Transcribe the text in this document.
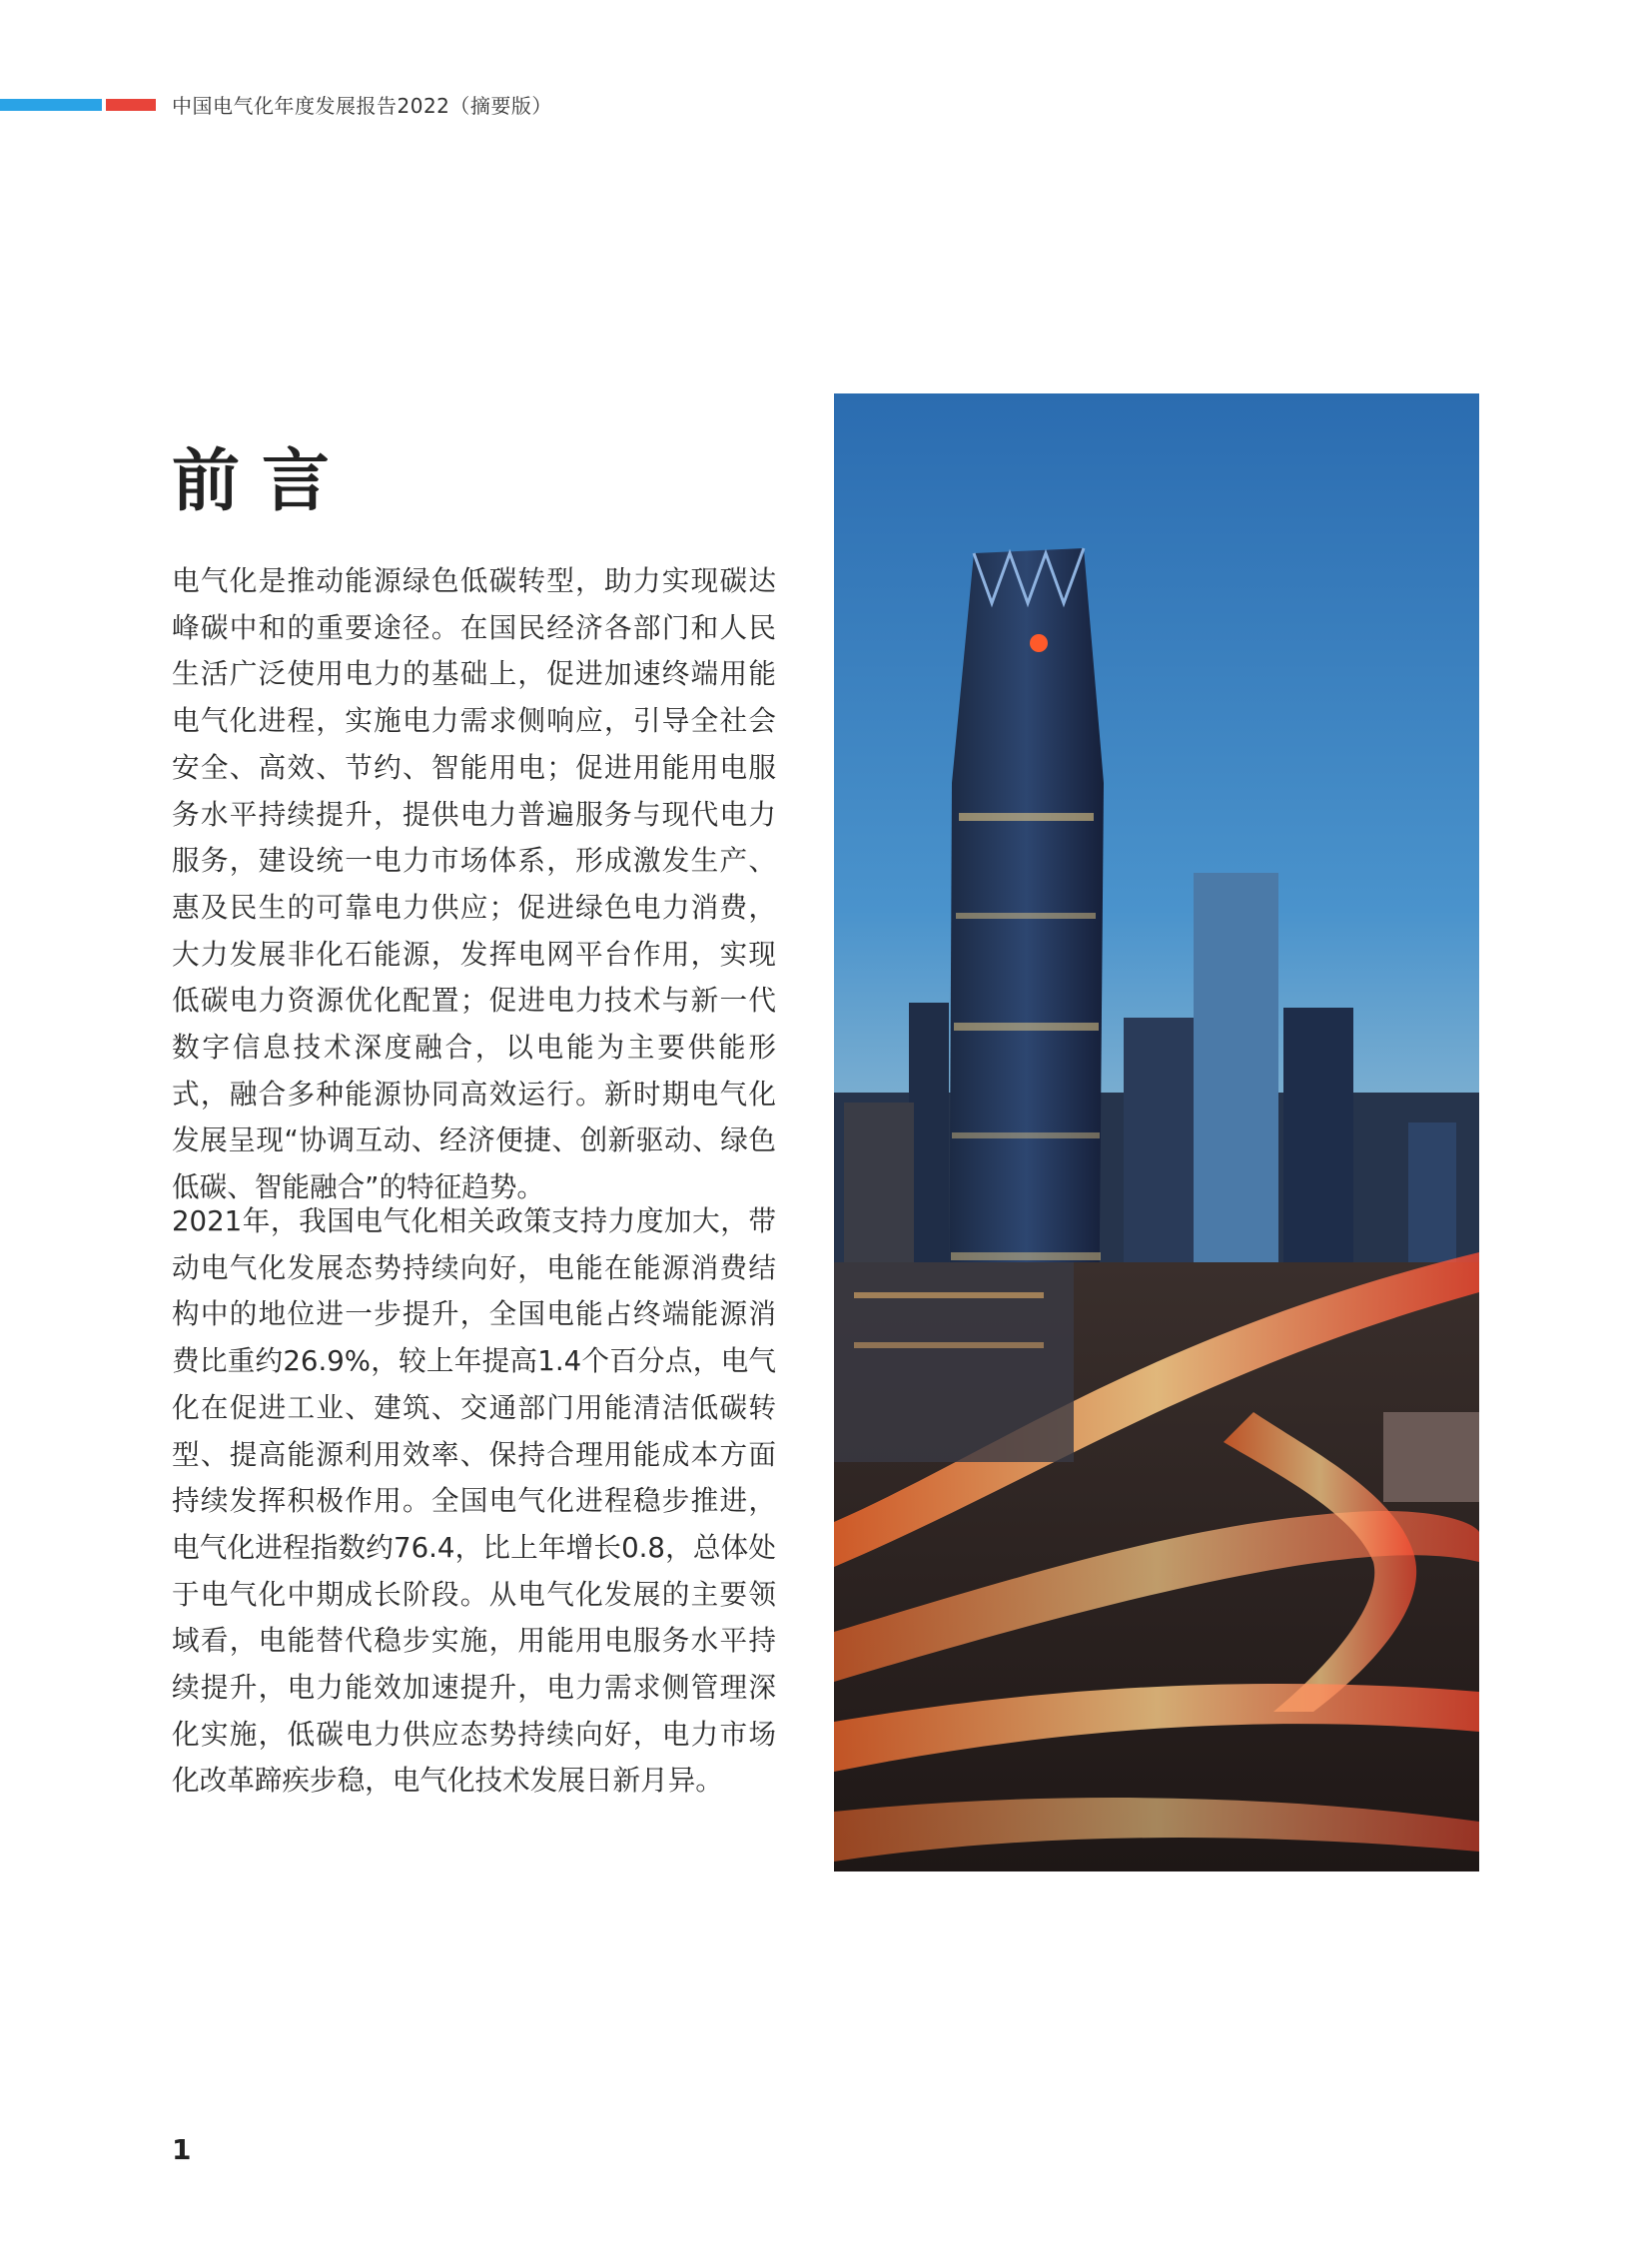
中国电气化年度发展报告2022（摘要版）
前言

电气化是推动能源绿色低碳转型，助力实现碳达峰碳中和的重要途径。在国民经济各部门和人民生活广泛使用电力的基础上，促进加速终端用能电气化进程，实施电力需求侧响应，引导全社会安全、高效、节约、智能用电；促进用能用电服务水平持续提升，提供电力普遍服务与现代电力服务，建设统一电力市场体系，形成激发生产、惠及民生的可靠电力供应；促进绿色电力消费，大力发展非化石能源，发挥电网平台作用，实现低碳电力资源优化配置；促进电力技术与新一代数字信息技术深度融合，以电能为主要供能形式，融合多种能源协同高效运行。新时期电气化发展呈现“协调互动、经济便捷、创新驱动、绿色低碳、智能融合”的特征趋势。

2021年，我国电气化相关政策支持力度加大，带动电气化发展态势持续向好，电能在能源消费结构中的地位进一步提升，全国电能占终端能源消费比重约26.9%，较上年提高1.4个百分点，电气化在促进工业、建筑、交通部门用能清洁低碳转型、提高能源利用效率、保持合理用能成本方面持续发挥积极作用。全国电气化进程稳步推进，电气化进程指数约76.4，比上年增长0.8，总体处于电气化中期成长阶段。从电气化发展的主要领域看，电能替代稳步实施，用能用电服务水平持续提升，电力能效加速提升，电力需求侧管理深化实施，低碳电力供应态势持续向好，电力市场化改革蹄疾步稳，电气化技术发展日新月异。

1
